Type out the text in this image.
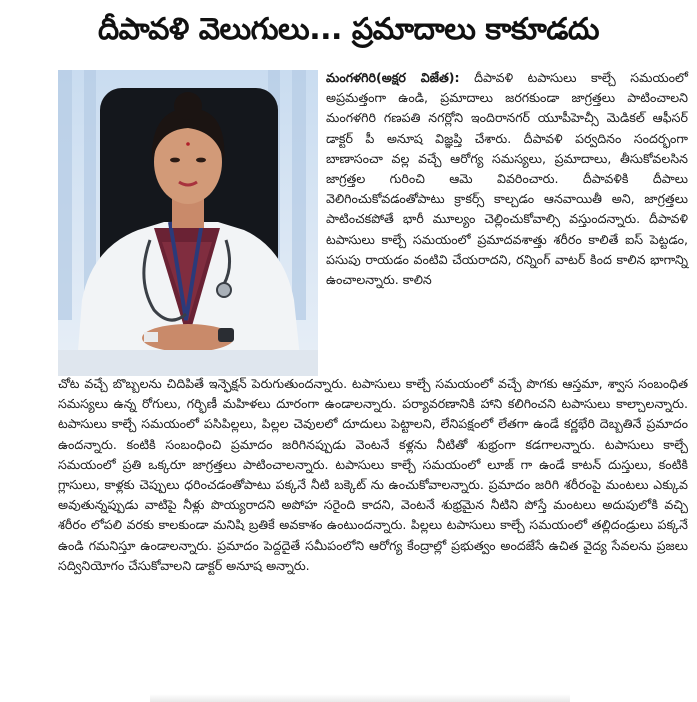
దీపావళి వెలుగులు... ప్రమాదాలు కాకూడదు

మంగళగిరి(అక్షర విజేత): దీపావళి టపాసులు కాల్చే సమయంలో అప్రమత్తంగా ఉండి, ప్రమాదాలు జరగకుండా జాగ్రత్తలు పాటించాలని మంగళగిరి గణపతి నగర్లోని ఇందిరానగర్ యూపీహెచ్సీ మెడికల్ ఆఫీసర్ డాక్టర్ పీ అనూష విజ్ఞప్తి చేశారు. దీపావళి పర్వదినం సందర్భంగా బాణాసంచా వల్ల వచ్చే ఆరోగ్య సమస్యలు, ప్రమాదాలు, తీసుకోవలసిన జాగ్రత్తల గురించి ఆమె వివరించారు. దీపావళికి దీపాలు వెలిగించుకోవడంతోపాటు క్రాకర్స్ కాల్చడం ఆనవాయితీ అని, జాగ్రత్తలు పాటించకపోతే భారీ మూల్యం చెల్లించుకోవాల్సి వస్తుందన్నారు. దీపావళి టపాసులు కాల్చే సమయంలో ప్రమాదవశాత్తు శరీరం కాలితే ఐస్ పెట్టడం, పసుపు రాయడం వంటివి చేయరాదని, రన్నింగ్ వాటర్ కింద కాలిన భాగాన్ని ఉంచాలన్నారు. కాలిన

చోట వచ్చే బొబ్బలను చిదిపితే ఇన్ఫెక్షన్ పెరుగుతుందన్నారు. టపాసులు కాల్చే సమయంలో వచ్చే పొగకు ఆస్తమా, శ్వాస సంబంధిత సమస్యలు ఉన్న రోగులు, గర్భిణీ మహిళలు దూరంగా ఉండాలన్నారు. పర్యావరణానికి హాని కలిగించని టపాసులు కాల్చాలన్నారు. టపాసులు కాల్చే సమయంలో పసిపిల్లలు, పిల్లల చెవులలో దూదులు పెట్టాలని, లేనిపక్షంలో లేతగా ఉండే కర్ణభేరి దెబ్బతినే ప్రమాదం ఉందన్నారు. కంటికి సంబంధించి ప్రమాదం జరిగినప్పుడు వెంటనే కళ్లను నీటితో శుభ్రంగా కడగాలన్నారు. టపాసులు కాల్చే సమయంలో ప్రతి ఒక్కరూ జాగ్రత్తలు పాటించాలన్నారు. టపాసులు కాల్చే సమయంలో లూజ్ గా ఉండే కాటన్ దుస్తులు, కంటికి గ్లాసులు, కాళ్లకు చెప్పులు ధరించడంతోపాటు పక్కనే నీటి బక్కెట్ ను ఉంచుకోవాలన్నారు. ప్రమాదం జరిగి శరీరంపై మంటలు ఎక్కువ అవుతున్నప్పుడు వాటిపై నీళ్లు పొయ్యరాదని అపోహ సరైంది కాదని, వెంటనే శుభ్రమైన నీటిని పోస్తే మంటలు అదుపులోకి వచ్చి శరీరం లోపలి వరకు కాలకుండా మనిషి బ్రతికే అవకాశం ఉంటుందన్నారు. పిల్లలు టపాసులు కాల్చే సమయంలో తల్లిదండ్రులు పక్కనే ఉండి గమనిస్తూ ఉండాలన్నారు. ప్రమాదం పెద్దదైతే సమీపంలోని ఆరోగ్య కేంద్రాల్లో ప్రభుత్వం అందజేసే ఉచిత వైద్య సేవలను ప్రజలు సద్వినియోగం చేసుకోవాలని డాక్టర్ అనూష అన్నారు.
